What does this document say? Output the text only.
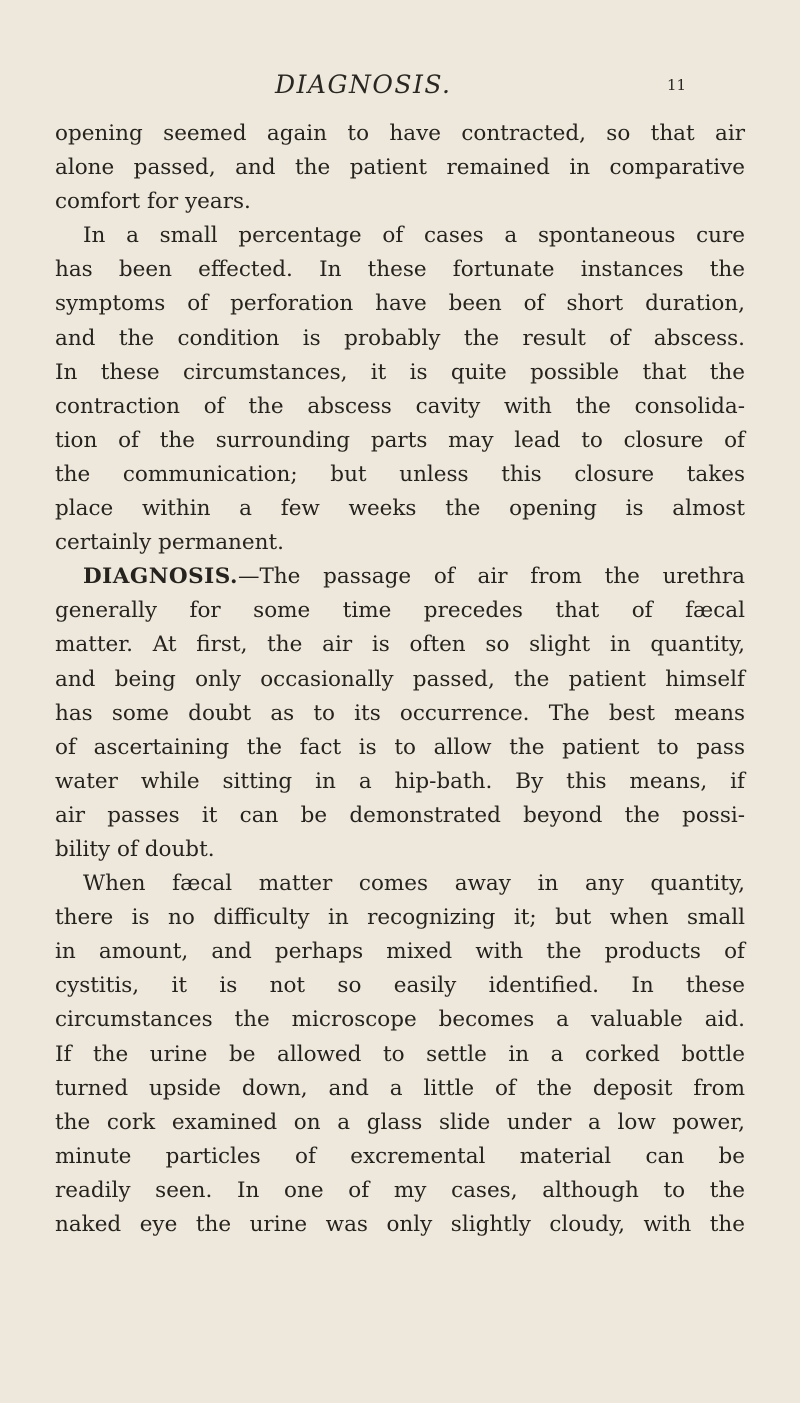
DIAGNOSIS.	11
opening seemed again to have contracted, so that air
alone passed, and the patient remained in comparative
comfort for years.
In a small percentage of cases a spontaneous cure
has been effected. In these fortunate instances the
symptoms of perforation have been of short duration,
and the condition is probably the result of abscess.
In these circumstances, it is quite possible that the
contraction of the abscess cavity with the consolida-
tion of the surrounding parts may lead to closure of
the communication; but unless this closure takes
place within a few weeks the opening is almost
certainly permanent.
DIAGNOSIS.—The passage of air from the urethra
generally for some time precedes that of fæcal
matter. At first, the air is often so slight in quantity,
and being only occasionally passed, the patient himself
has some doubt as to its occurrence. The best means
of ascertaining the fact is to allow the patient to pass
water while sitting in a hip-bath. By this means, if
air passes it can be demonstrated beyond the possi-
bility of doubt.
When fæcal matter comes away in any quantity,
there is no difficulty in recognizing it; but when small
in amount, and perhaps mixed with the products of
cystitis, it is not so easily identified. In these
circumstances the microscope becomes a valuable aid.
If the urine be allowed to settle in a corked bottle
turned upside down, and a little of the deposit from
the cork examined on a glass slide under a low power,
minute particles of excremental material can be
readily seen. In one of my cases, although to the
naked eye the urine was only slightly cloudy, with the
